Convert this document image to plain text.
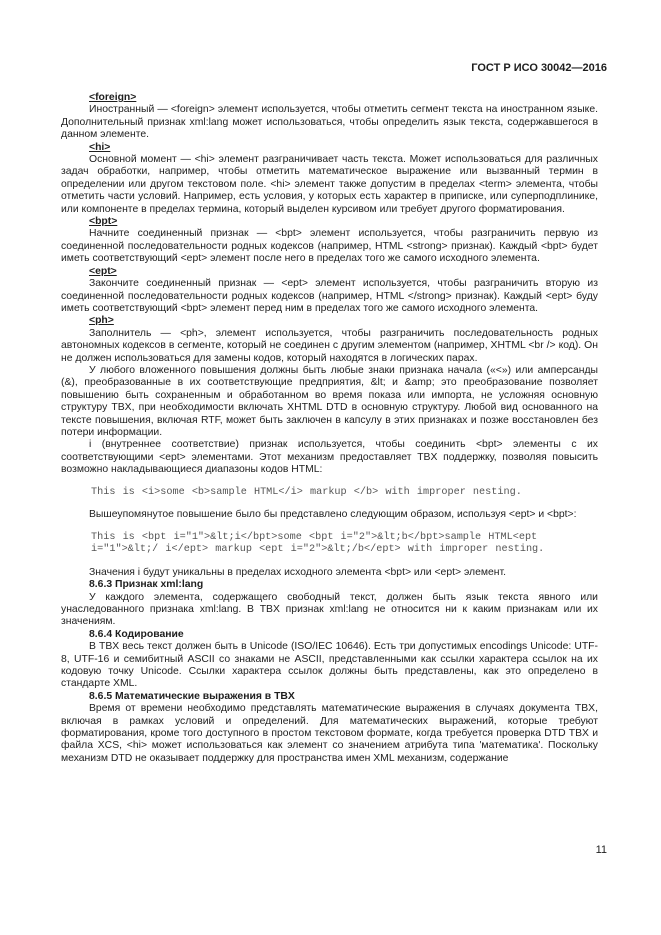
ГОСТ Р ИСО 30042—2016
<foreign>
Иностранный — <foreign> элемент используется, чтобы отметить сегмент текста на иностранном языке. Дополнительный признак xml:lang может использоваться, чтобы определить язык текста, содержавшегося в данном элементе.
<hi>
Основной момент — <hi> элемент разграничивает часть текста. Может использоваться для различных задач обработки, например, чтобы отметить математическое выражение или вызванный термин в определении или другом текстовом поле. <hi> элемент также допустим в пределах <term> элемента, чтобы отметить части условий. Например, есть условия, у которых есть характер в приписке, или суперподплинике, или компоненте в пределах термина, который выделен курсивом или требует другого форматирования.
<bpt>
Начните соединенный признак — <bpt> элемент используется, чтобы разграничить первую из соединенной последовательности родных кодексов (например, HTML <strong> признак). Каждый <bpt> будет иметь соответствующий <ept> элемент после него в пределах того же самого исходного элемента.
<ept>
Закончите соединенный признак — <ept> элемент используется, чтобы разграничить вторую из соединенной последовательности родных кодексов (например, HTML </strong> признак). Каждый <ept> буду иметь соответствующий <bpt> элемент перед ним в пределах того же самого исходного элемента.
<ph>
Заполнитель — <ph>, элемент используется, чтобы разграничить последовательность родных автономных кодексов в сегменте, который не соединен с другим элементом (например, XHTML <br /> код). Он не должен использоваться для замены кодов, который находятся в логических парах.
У любого вложенного повышения должны быть любые знаки признака начала («<») или амперсанды (&), преобразованные в их соответствующие предприятия, &lt; и &amp; это преобразование позволяет повышению быть сохраненным и обработанном во время показа или импорта, не усложняя основную структуру TBX, при необходимости включать XHTML DTD в основную структуру. Любой вид основанного на тексте повышения, включая RTF, может быть заключен в капсулу в этих признаках и позже восстановлен без потери информации.
i (внутреннее соответствие) признак используется, чтобы соединить <bpt> элементы с их соответствующими <ept> элементами. Этот механизм предоставляет TBX поддержку, позволяя повысить возможно накладывающиеся диапазоны кодов HTML:
This is <i>some <b>sample HTML</i> markup </b> with improper nesting.
Вышеупомянутое повышение было бы представлено следующим образом, используя <ept> и <bpt>:
This is <bpt i="1">&lt;i</bpt>some <bpt i="2">&lt;b</bpt>sample HTML<ept
i="1">&lt;/ i</ept> markup <ept i="2">&lt;/b</ept> with improper nesting.
Значения i будут уникальны в пределах исходного элемента <bpt> или <ept> элемент.
8.6.3 Признак xml:lang
У каждого элемента, содержащего свободный текст, должен быть язык текста явного или унаследованного признака xml:lang. В TBX признак xml:lang не относится ни к каким признакам или их значениям.
8.6.4 Кодирование
В TBX весь текст должен быть в Unicode (ISO/IEC 10646). Есть три допустимых encodings Unicode: UTF-8, UTF-16 и семибитный ASCII со знаками не ASCII, представленными как ссылки характера ссылок на их кодовую точку Unicode. Cсылки характера ссылок должны быть представлены, как это определено в стандарте XML.
8.6.5 Математические выражения в TBX
Время от времени необходимо представлять математические выражения в случаях документа TBX, включая в рамках условий и определений. Для математических выражений, которые требуют форматирования, кроме того доступного в простом текстовом формате, когда требуется проверка DTD TBX и файла XCS, <hi> может использоваться как элемент со значением атрибута типа 'математика'. Поскольку механизм DTD не оказывает поддержку для пространства имен XML механизм, содержание
11
